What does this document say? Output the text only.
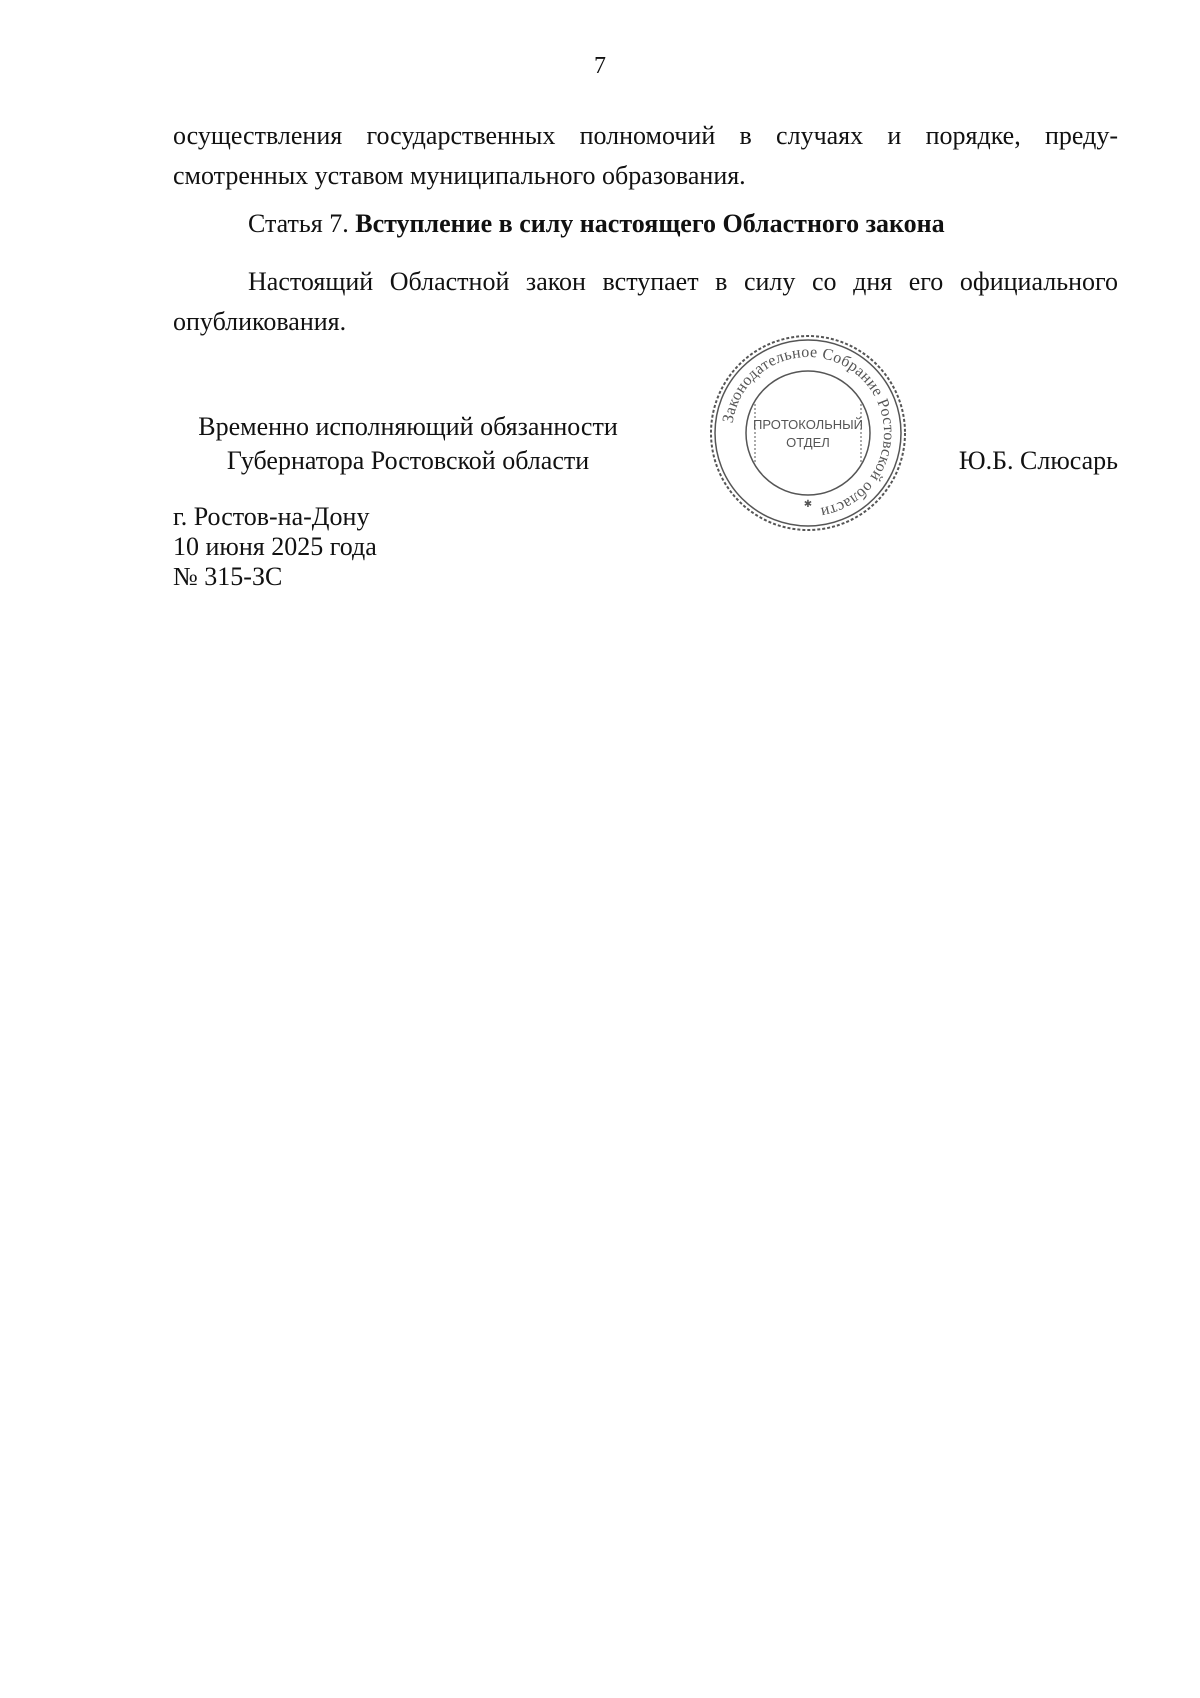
7
осуществления государственных полномочий в случаях и порядке, преду-
смотренных уставом муниципального образования.
Статья 7. Вступление в силу настоящего Областного закона
Настоящий Областной закон вступает в силу со дня его официального
опубликования.
Временно исполняющий обязанности
Губернатора Ростовской области	Ю.Б. Слюсарь
Законодательное Собрание Ростовской области
ПРОТОКОЛЬНЫЙ
ОТДЕЛ
✱
г. Ростов-на-Дону
10 июня 2025 года
№ 315-ЗС
